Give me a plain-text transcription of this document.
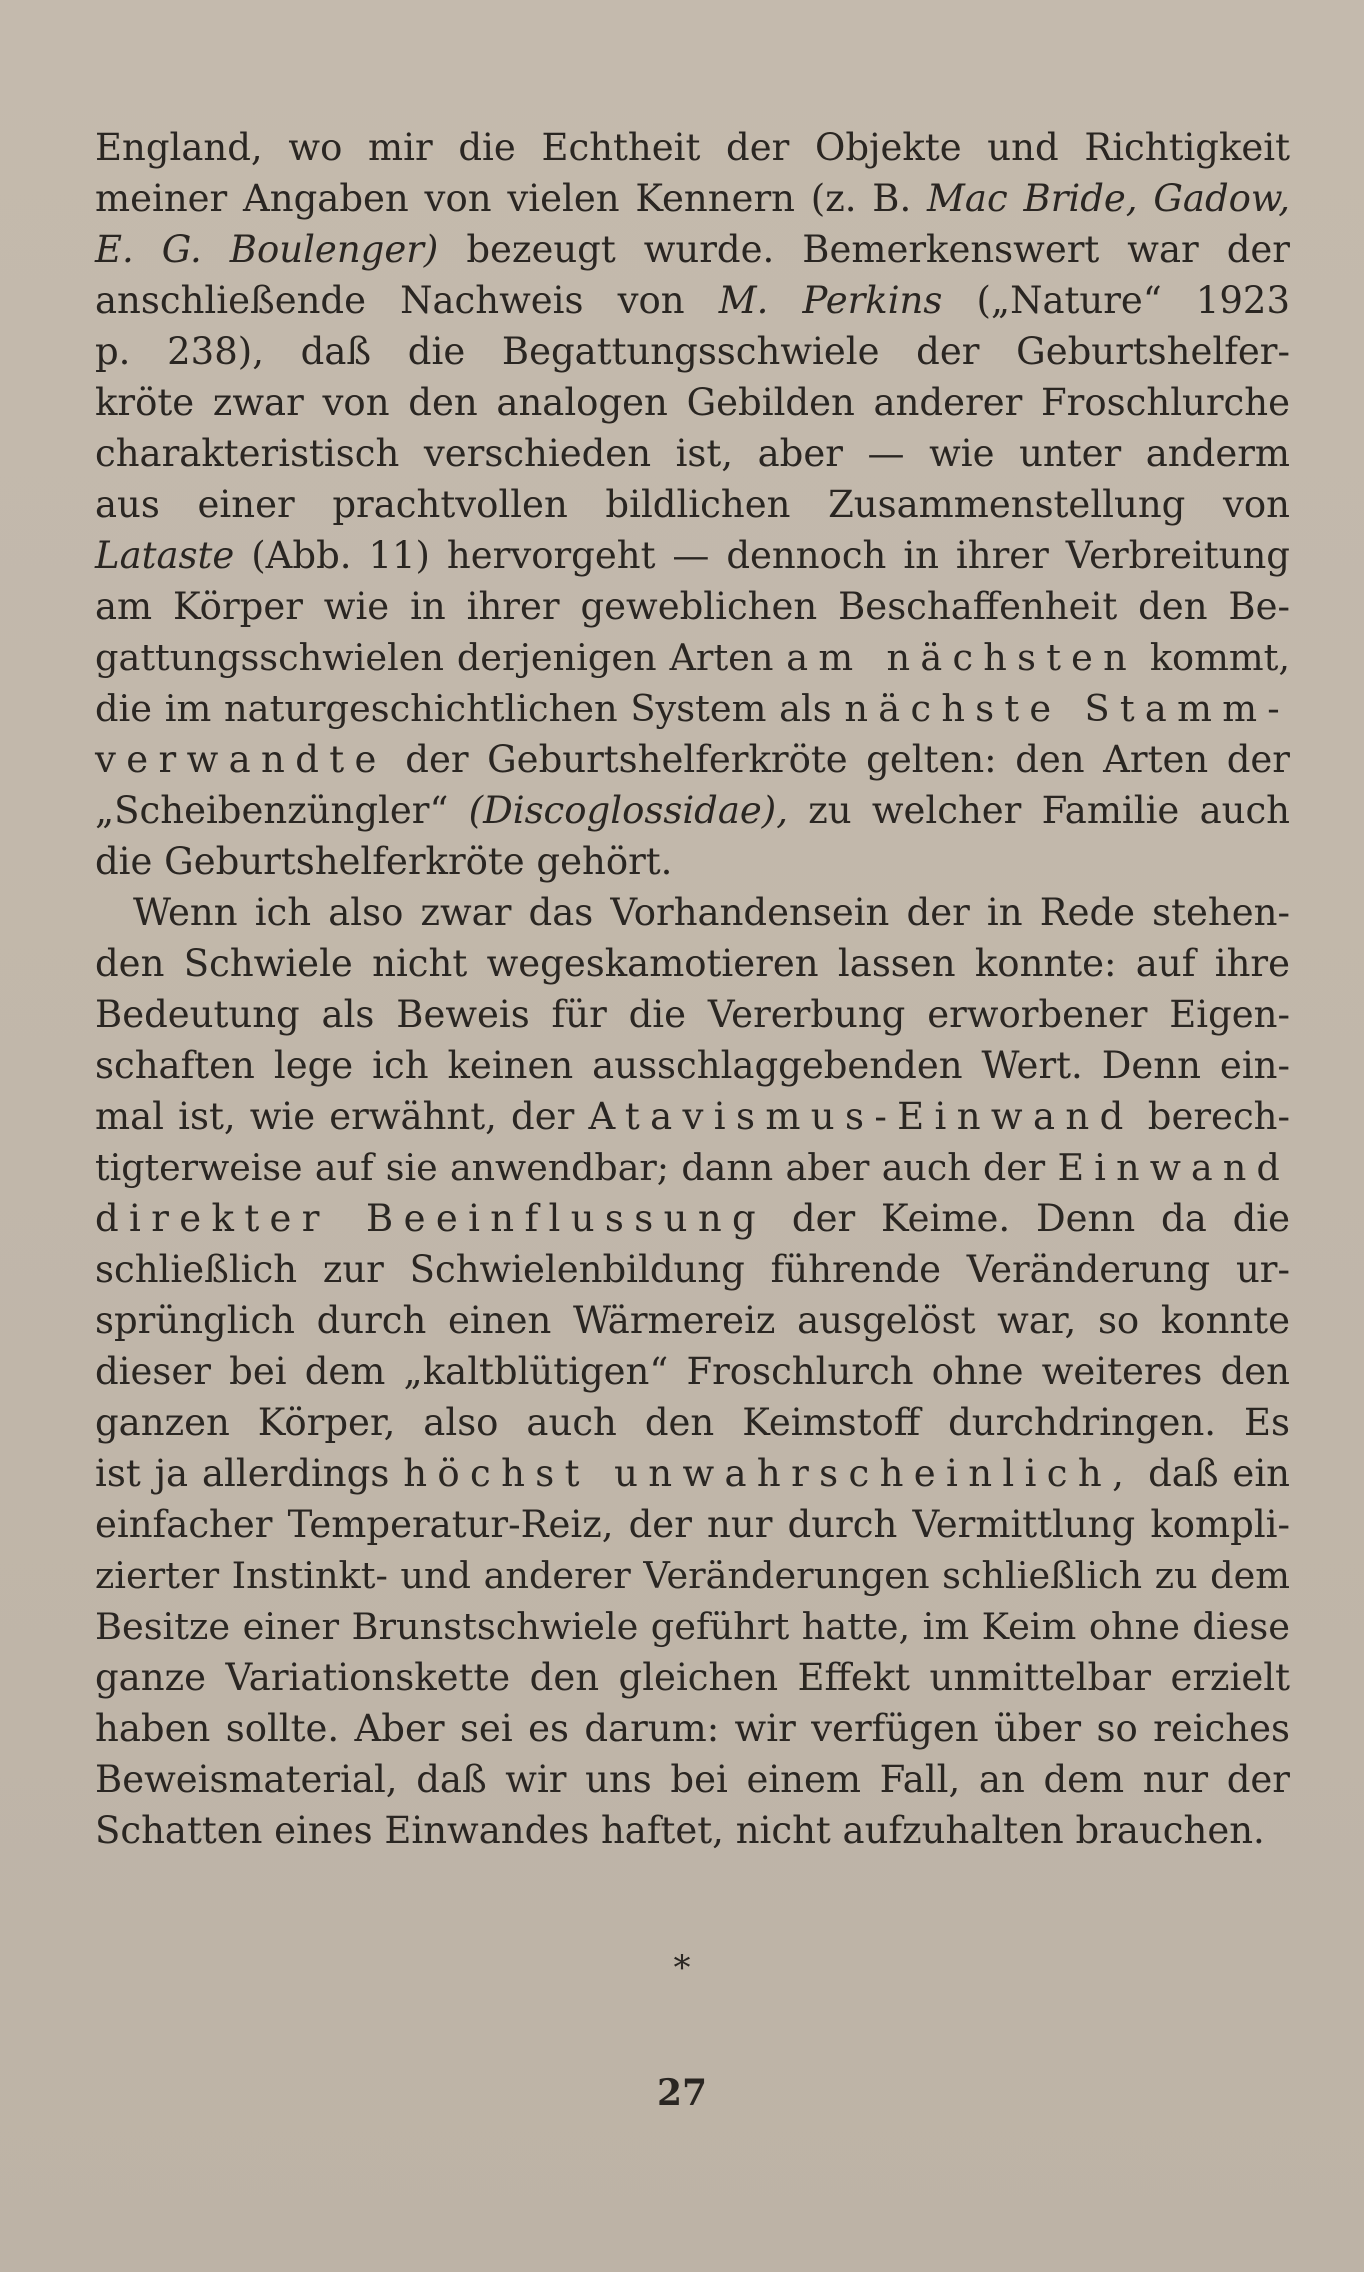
England, wo mir die Echtheit der Objekte und Richtigkeit
meiner Angaben von vielen Kennern (z. B. Mac Bride, Gadow,
E. G. Boulenger) bezeugt wurde. Bemerkenswert war der
anschließende Nachweis von M. Perkins („Nature“ 1923
p. 238), daß die Begattungsschwiele der Geburtshelfer-
kröte zwar von den analogen Gebilden anderer Froschlurche
charakteristisch verschieden ist, aber — wie unter anderm
aus einer prachtvollen bildlichen Zusammenstellung von
Lataste (Abb. 11) hervorgeht — dennoch in ihrer Verbreitung
am Körper wie in ihrer geweblichen Beschaffenheit den Be-
gattungsschwielen derjenigen Arten am nächsten kommt,
die im naturgeschichtlichen System als nächste Stamm-
verwandte der Geburtshelferkröte gelten: den Arten der
„Scheibenzüngler“ (Discoglossidae), zu welcher Familie auch
die Geburtshelferkröte gehört.
Wenn ich also zwar das Vorhandensein der in Rede stehen-
den Schwiele nicht wegeskamotieren lassen konnte: auf ihre
Bedeutung als Beweis für die Vererbung erworbener Eigen-
schaften lege ich keinen ausschlaggebenden Wert. Denn ein-
mal ist, wie erwähnt, der Atavismus-Einwand berech-
tigterweise auf sie anwendbar; dann aber auch der Einwand
direkter Beeinflussung der Keime. Denn da die
schließlich zur Schwielenbildung führende Veränderung ur-
sprünglich durch einen Wärmereiz ausgelöst war, so konnte
dieser bei dem „kaltblütigen“ Froschlurch ohne weiteres den
ganzen Körper, also auch den Keimstoff durchdringen. Es
ist ja allerdings höchst unwahrscheinlich, daß ein
einfacher Temperatur-Reiz, der nur durch Vermittlung kompli-
zierter Instinkt- und anderer Veränderungen schließlich zu dem
Besitze einer Brunstschwiele geführt hatte, im Keim ohne diese
ganze Variationskette den gleichen Effekt unmittelbar erzielt
haben sollte. Aber sei es darum: wir verfügen über so reiches
Beweismaterial, daß wir uns bei einem Fall, an dem nur der
Schatten eines Einwandes haftet, nicht aufzuhalten brauchen.
*
27
